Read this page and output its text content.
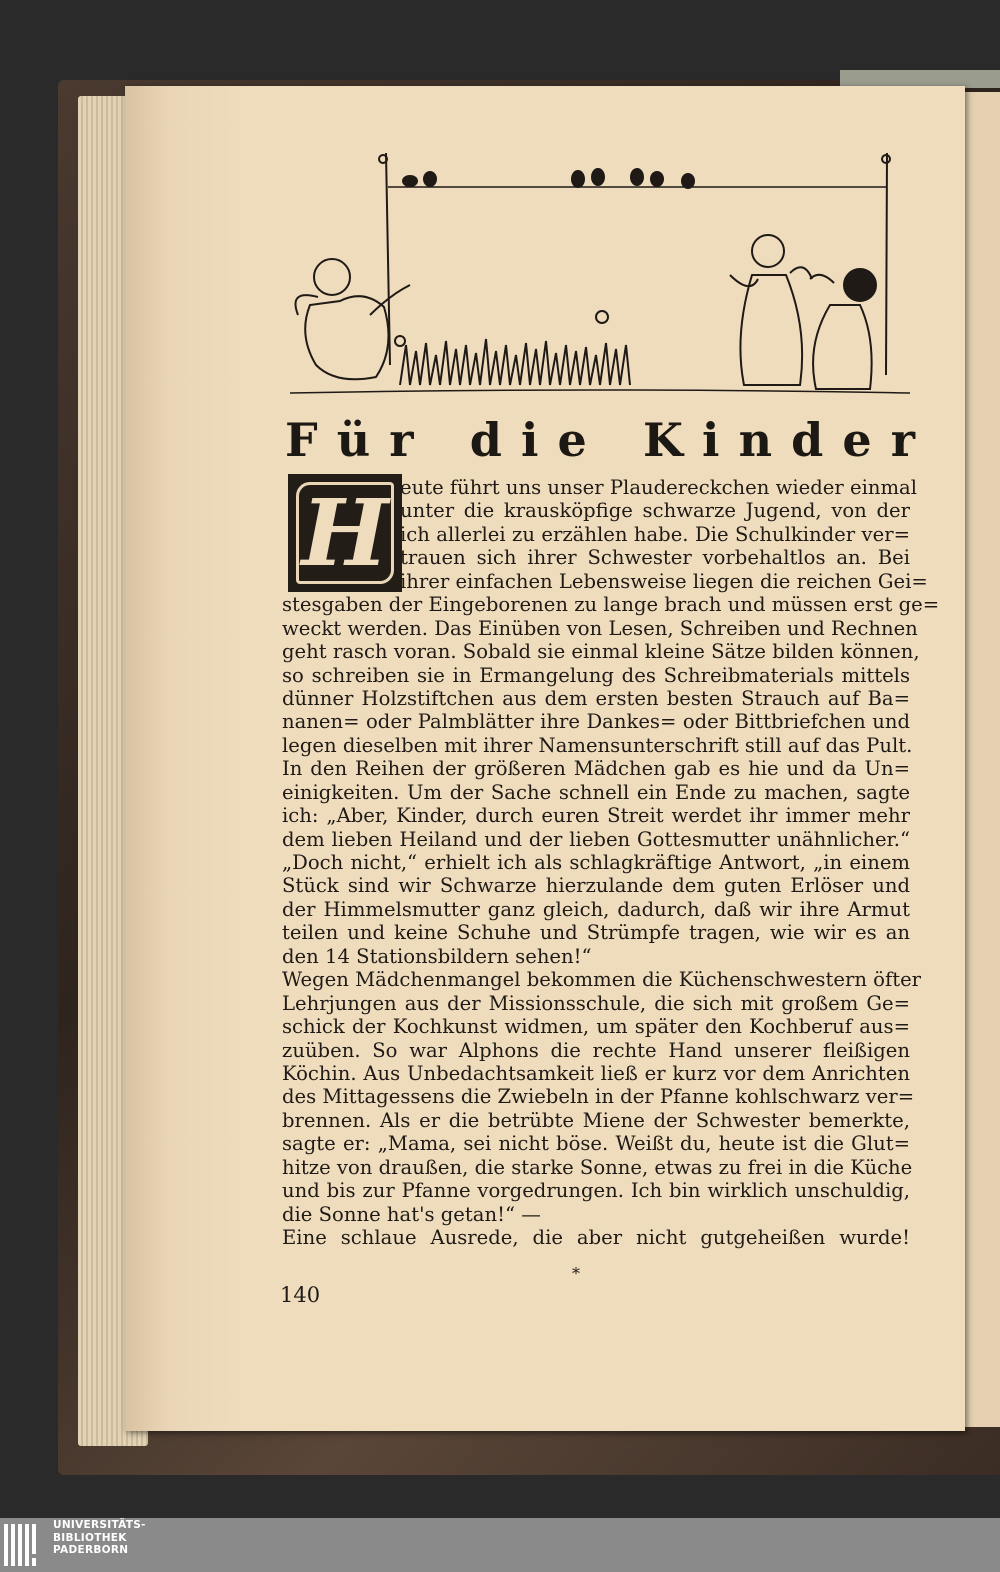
F ü r d i e K i n d e r
H eute führt uns unser Plaudereckchen wieder einmal
unter die krausköpfige schwarze Jugend, von der
ich allerlei zu erzählen habe. Die Schulkinder ver=
trauen sich ihrer Schwester vorbehaltlos an. Bei
ihrer einfachen Lebensweise liegen die reichen Gei=
stesgaben der Eingeborenen zu lange brach und müssen erst ge=
weckt werden. Das Einüben von Lesen, Schreiben und Rechnen
geht rasch voran. Sobald sie einmal kleine Sätze bilden können,
so schreiben sie in Ermangelung des Schreibmaterials mittels
dünner Holzstiftchen aus dem ersten besten Strauch auf Ba=
nanen= oder Palmblätter ihre Dankes= oder Bittbriefchen und
legen dieselben mit ihrer Namensunterschrift still auf das Pult.
In den Reihen der größeren Mädchen gab es hie und da Un=
einigkeiten. Um der Sache schnell ein Ende zu machen, sagte
ich: „Aber, Kinder, durch euren Streit werdet ihr immer mehr
dem lieben Heiland und der lieben Gottesmutter unähnlicher.“
„Doch nicht,“ erhielt ich als schlagkräftige Antwort, „in einem
Stück sind wir Schwarze hierzulande dem guten Erlöser und
der Himmelsmutter ganz gleich, dadurch, daß wir ihre Armut
teilen und keine Schuhe und Strümpfe tragen, wie wir es an
den 14 Stationsbildern sehen!“
Wegen Mädchenmangel bekommen die Küchenschwestern öfter
Lehrjungen aus der Missionsschule, die sich mit großem Ge=
schick der Kochkunst widmen, um später den Kochberuf aus=
zuüben. So war Alphons die rechte Hand unserer fleißigen
Köchin. Aus Unbedachtsamkeit ließ er kurz vor dem Anrichten
des Mittagessens die Zwiebeln in der Pfanne kohlschwarz ver=
brennen. Als er die betrübte Miene der Schwester bemerkte,
sagte er: „Mama, sei nicht böse. Weißt du, heute ist die Glut=
hitze von draußen, die starke Sonne, etwas zu frei in die Küche
und bis zur Pfanne vorgedrungen. Ich bin wirklich unschuldig,
die Sonne hat's getan!“ —
Eine schlaue Ausrede, die aber nicht gutgeheißen wurde!
*
140
UNIVERSITÄTS-
BIBLIOTHEK
PADERBORN
